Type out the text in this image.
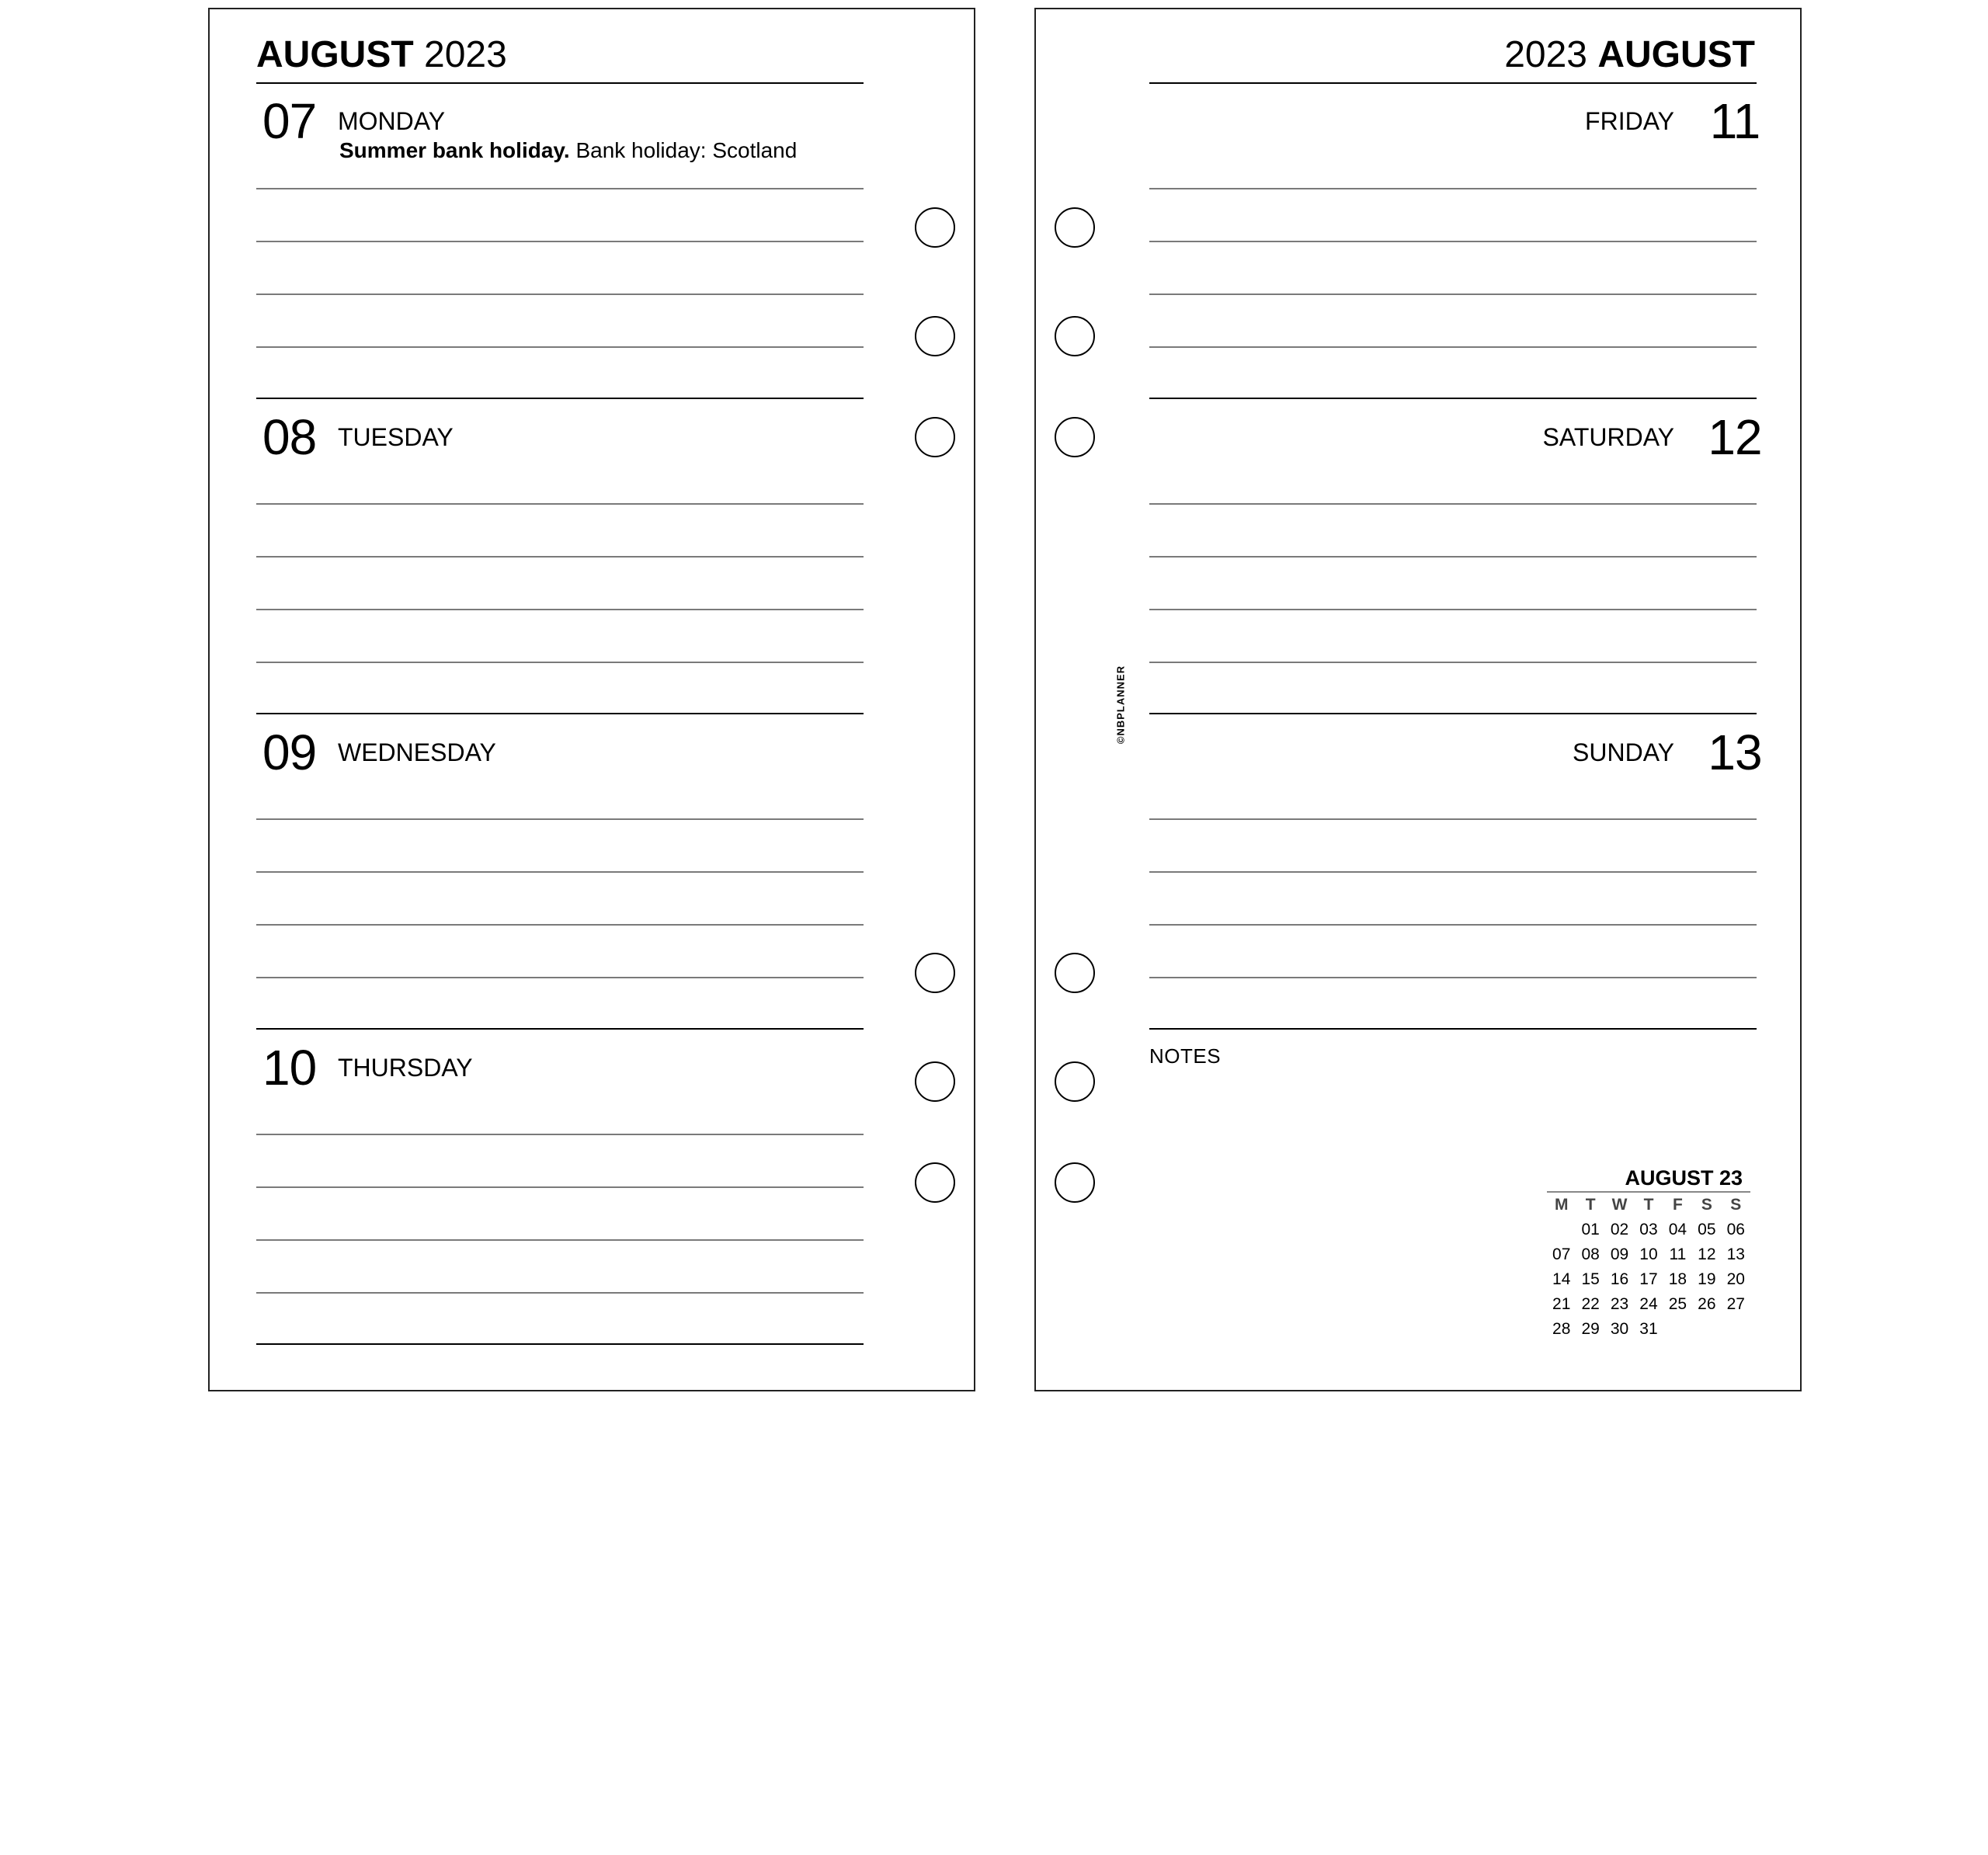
AUGUST 2023
07 MONDAY
Summer bank holiday. Bank holiday: Scotland
08 TUESDAY
09 WEDNESDAY
10 THURSDAY
2023 AUGUST
FRIDAY 11
SATURDAY 12
SUNDAY 13
NOTES
©NBPLANNER
AUGUST 23
M	T	W	T	F	S	S
	01	02	03	04	05	06
07	08	09	10	11	12	13
14	15	16	17	18	19	20
21	22	23	24	25	26	27
28	29	30	31			
